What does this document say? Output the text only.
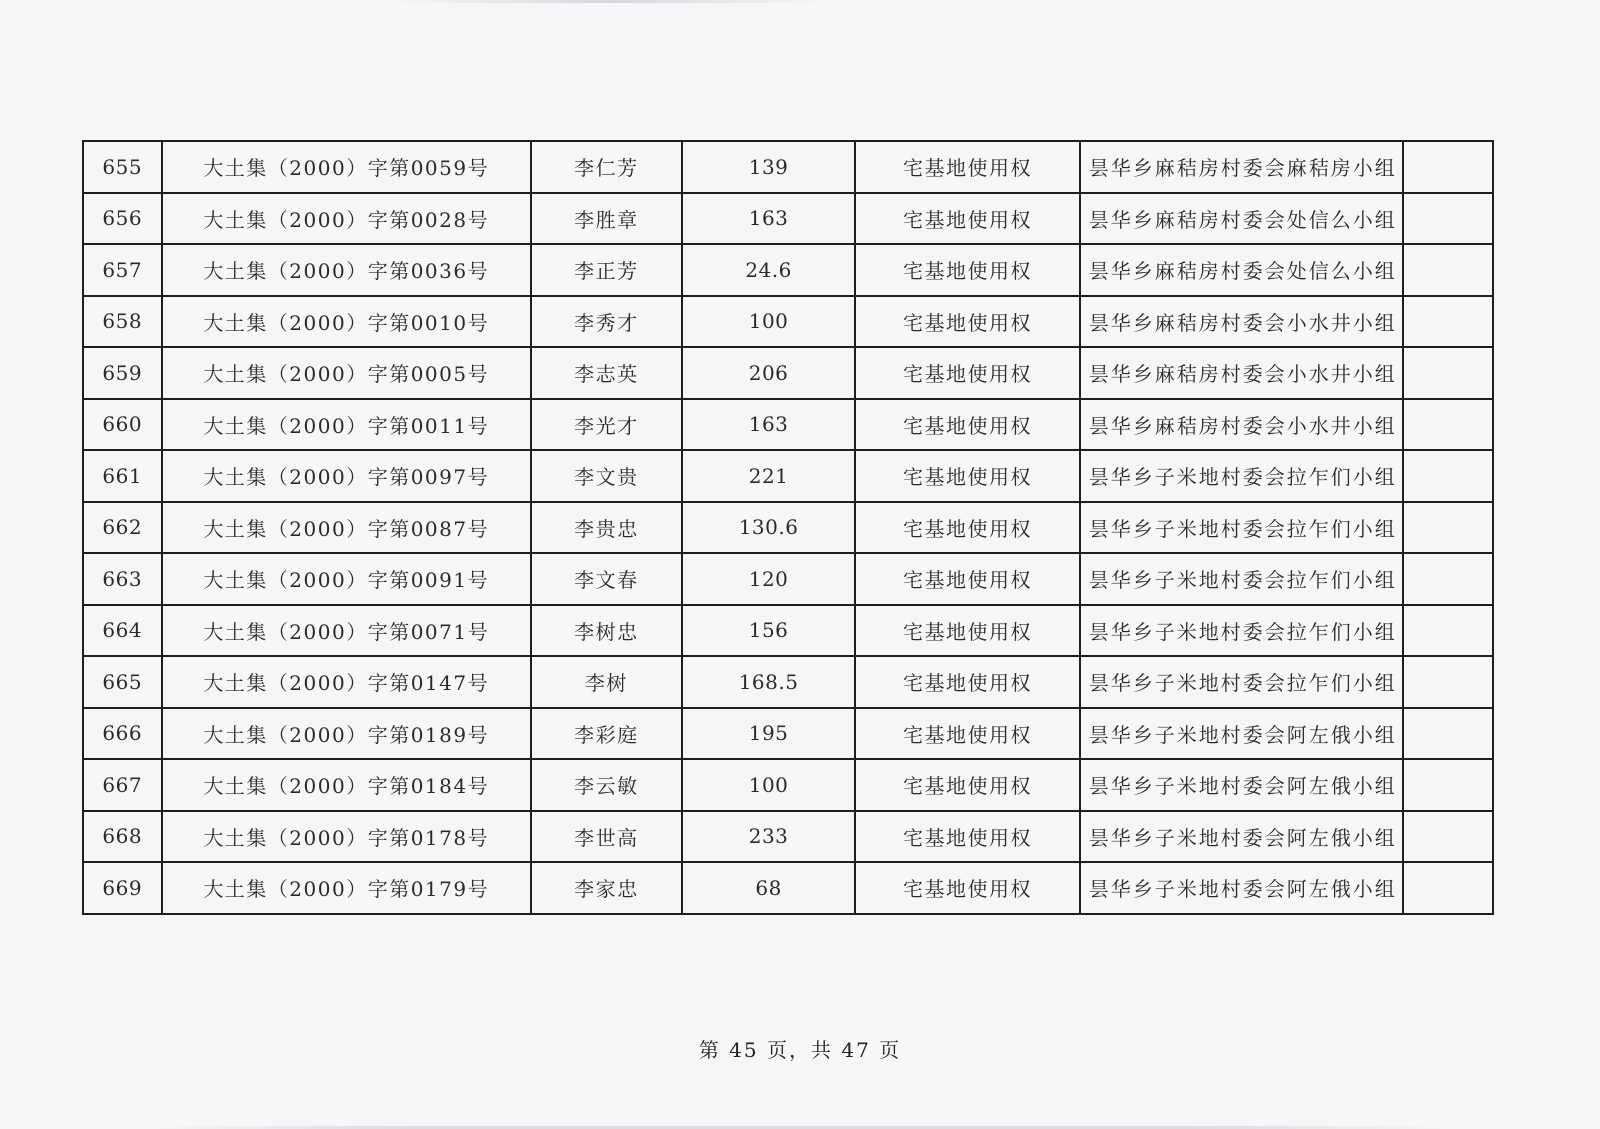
655	大土集（2000）字第0059号	李仁芳	139	宅基地使用权	昙华乡麻秸房村委会麻秸房小组	
656	大土集（2000）字第0028号	李胜章	163	宅基地使用权	昙华乡麻秸房村委会处信么小组	
657	大土集（2000）字第0036号	李正芳	24.6	宅基地使用权	昙华乡麻秸房村委会处信么小组	
658	大土集（2000）字第0010号	李秀才	100	宅基地使用权	昙华乡麻秸房村委会小水井小组	
659	大土集（2000）字第0005号	李志英	206	宅基地使用权	昙华乡麻秸房村委会小水井小组	
660	大土集（2000）字第0011号	李光才	163	宅基地使用权	昙华乡麻秸房村委会小水井小组	
661	大土集（2000）字第0097号	李文贵	221	宅基地使用权	昙华乡子米地村委会拉乍们小组	
662	大土集（2000）字第0087号	李贵忠	130.6	宅基地使用权	昙华乡子米地村委会拉乍们小组	
663	大土集（2000）字第0091号	李文春	120	宅基地使用权	昙华乡子米地村委会拉乍们小组	
664	大土集（2000）字第0071号	李树忠	156	宅基地使用权	昙华乡子米地村委会拉乍们小组	
665	大土集（2000）字第0147号	李树	168.5	宅基地使用权	昙华乡子米地村委会拉乍们小组	
666	大土集（2000）字第0189号	李彩庭	195	宅基地使用权	昙华乡子米地村委会阿左俄小组	
667	大土集（2000）字第0184号	李云敏	100	宅基地使用权	昙华乡子米地村委会阿左俄小组	
668	大土集（2000）字第0178号	李世高	233	宅基地使用权	昙华乡子米地村委会阿左俄小组	
669	大土集（2000）字第0179号	李家忠	68	宅基地使用权	昙华乡子米地村委会阿左俄小组	
第 45 页，共 47 页
